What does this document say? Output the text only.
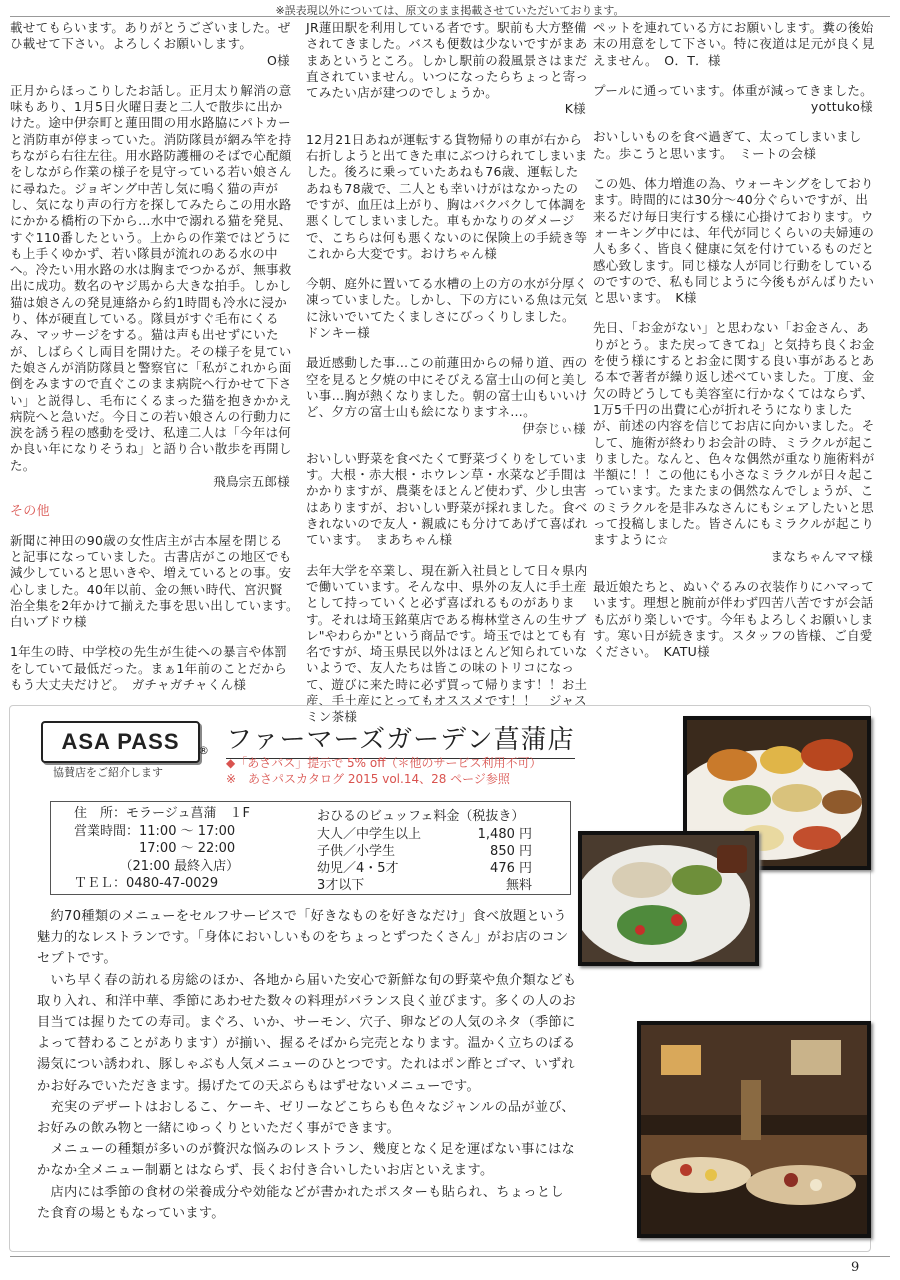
※誤表現以外については、原文のまま掲載させていただいております。
載せてもらいます。ありがとうございました。ぜひ載せて下さい。よろしくお願いします。
O様
正月からほっこりしたお話し。正月太り解消の意味もあり、1月5日火曜日妻と二人で散歩に出かけた。途中伊奈町と蓮田間の用水路脇にパトカーと消防車が停まっていた。消防隊員が網み竿を持ちながら右往左往。用水路防護柵のそばで心配顔をしながら作業の様子を見守っている若い娘さんに尋ねた。ジョギング中苦し気に鳴く猫の声がし、気になり声の行方を探してみたらこの用水路にかかる橋桁の下から…水中で溺れる猫を発見、すぐ110番したという。上からの作業ではどうにも上手くゆかず、若い隊員が流れのある水の中へ。冷たい用水路の水は胸までつかるが、無事救出に成功。数名のヤジ馬から大きな拍手。しかし猫は娘さんの発見連絡から約1時間も冷水に浸かり、体が硬直している。隊員がすぐ毛布にくるみ、マッサージをする。猫は声も出せずにいたが、しばらくし両目を開けた。その様子を見ていた娘さんが消防隊員と警察官に「私がこれから面倒をみますので直ぐこのまま病院へ行かせて下さい」と説得し、毛布にくるまった猫を抱きかかえ病院へと急いだ。今日この若い娘さんの行動力に涙を誘う程の感動を受け、私達二人は「今年は何か良い年になりそうね」と語り合い散歩を再開した。
飛鳥宗五郎様
その他
新聞に神田の90歳の女性店主が古本屋を閉じると記事になっていました。古書店がこの地区でも減少していると思いきや、増えているとの事。安心しました。40年以前、金の無い時代、宮沢賢治全集を2年かけて揃えた事を思い出しています。　白いブドウ様
1年生の時、中学校の先生が生徒への暴言や体罰をしていて最低だった。まぁ1年前のことだからもう大丈夫だけど。　ガチャガチャくん様
JR蓮田駅を利用している者です。駅前も大方整備されてきました。バスも便数は少ないですがまあまあというところ。しかし駅前の殺風景さはまだ直されていません。いつになったらちょっと寄ってみたい店が建つのでしょうか。
K様
12月21日あねが運転する貨物帰りの車が右から右折しようと出てきた車にぶつけられてしまいました。後ろに乗っていたあねも76歳、運転したあねも78歳で、二人とも幸いけがはなかったのですが、血圧は上がり、胸はバクバクして体調を悪くしてしまいました。車もかなりのダメージで、こちらは何も悪くないのに保険上の手続き等これから大変です。おけちゃん様
今朝、庭外に置いてる水槽の上の方の水が分厚く凍っていました。しかし、下の方にいる魚は元気に泳いでいてたくましさにびっくりしました。　ドンキー様
最近感動した事…この前蓮田からの帰り道、西の空を見ると夕焼の中にそびえる富士山の何と美しい事…胸が熱くなりました。朝の富士山もいいけど、夕方の富士山も絵になりますネ…。
伊奈じぃ様
おいしい野菜を食べたくて野菜づくりをしています。大根・赤大根・ホウレン草・水菜など手間はかかりますが、農薬をほとんど使わず、少し虫害はありますが、おいしい野菜が採れました。食べきれないので友人・親戚にも分けてあげて喜ばれています。　まあちゃん様
去年大学を卒業し、現在新入社員として日々県内で働いています。そんな中、県外の友人に手土産として持っていくと必ず喜ばれるものがあります。それは埼玉銘菓店である梅林堂さんの生サブレ"やわらか"という商品です。埼玉ではとても有名ですが、埼玉県民以外はほとんど知られていないようで、友人たちは皆この味のトリコになって、遊びに来た時に必ず買って帰ります！！お土産、手土産にとってもオススメです！！　ジャスミン茶様
ペットを連れている方にお願いします。糞の後始末の用意をして下さい。特に夜道は足元が良く見えません。　O．T．様
プールに通っています。体重が減ってきました。
yottuko様
おいしいものを食べ過ぎて、太ってしまいました。歩こうと思います。　ミートの会様
この処、体力増進の為、ウォーキングをしております。時間的には30分～40分ぐらいですが、出来るだけ毎日実行する様に心掛けております。ウォーキング中には、年代が同じくらいの夫婦連の人も多く、皆良く健康に気を付けているものだと感心致します。同じ様な人が同じ行動をしているのですので、私も同じように今後もがんばりたいと思います。　K様
先日、「お金がない」と思わない「お金さん、ありがとう。また戻ってきてね」と気持ち良くお金を使う様にするとお金に関する良い事があるとある本で著者が繰り返し述べていました。丁度、金欠の時どうしても美容室に行かなくてはならず、1万5千円の出費に心が折れそうになりましたが、前述の内容を信じてお店に向かいました。そして、施術が終わりお会計の時、ミラクルが起こりました。なんと、色々な偶然が重なり施術料が半額に！！この他にも小さなミラクルが日々起こっています。たまたまの偶然なんでしょうが、このミラクルを是非みなさんにもシェアしたいと思って投稿しました。皆さんにもミラクルが起こりますように☆
まなちゃんママ様
最近娘たちと、ぬいぐるみの衣装作りにハマっています。理想と腕前が伴わず四苦八苦ですが会話も広がり楽しいです。今年もよろしくお願いします。寒い日が続きます。スタッフの皆様、ご自愛ください。　KATU様
ASA PASS	®
協賛店をご紹介します
ファーマーズガーデン菖蒲店
◆「あさパス」提示で 5% off（＊他のサービス利用不可）
※　あさパスカタログ 2015 vol.14、28 ページ参照
住　所：モラージュ菖蒲　１F
営業時間：11:00 ～ 17:00
　　　　　17:00 ～ 22:00
　　　　（21:00 最終入店）
ＴＥＬ：0480-47-0029
おひるのビュッフェ料金（税抜き）
大人／中学生以上	1,480 円
子供／小学生	850 円
幼児／4・5才	476 円
3才以下	無料
　約70種類のメニューをセルフサービスで「好きなものを好きなだけ」食べ放題という魅力的なレストランです。「身体においしいものをちょっとずつたくさん」がお店のコンセプトです。
　いち早く春の訪れる房総のほか、各地から届いた安心で新鮮な旬の野菜や魚介類なども取り入れ、和洋中華、季節にあわせた数々の料理がバランス良く並びます。多くの人のお目当ては握りたての寿司。まぐろ、いか、サーモン、穴子、卵などの人気のネタ（季節によって替わることがあります）が揃い、握るそばから完売となります。温かく立ちのぼる湯気につい誘われ、豚しゃぶも人気メニューのひとつです。たれはポン酢とゴマ、いずれかお好みでいただきます。揚げたての天ぷらもはずせないメニューです。
　充実のデザートはおしるこ、ケーキ、ゼリーなどこちらも色々なジャンルの品が並び、お好みの飲み物と一緒にゆっくりといただく事ができます。
　メニューの種類が多いのが贅沢な悩みのレストラン、幾度となく足を運ばない事にはなかなか全メニュー制覇とはならず、長くお付き合いしたいお店といえます。
　店内には季節の食材の栄養成分や効能などが書かれたポスターも貼られ、ちょっとした食育の場ともなっています。
9
